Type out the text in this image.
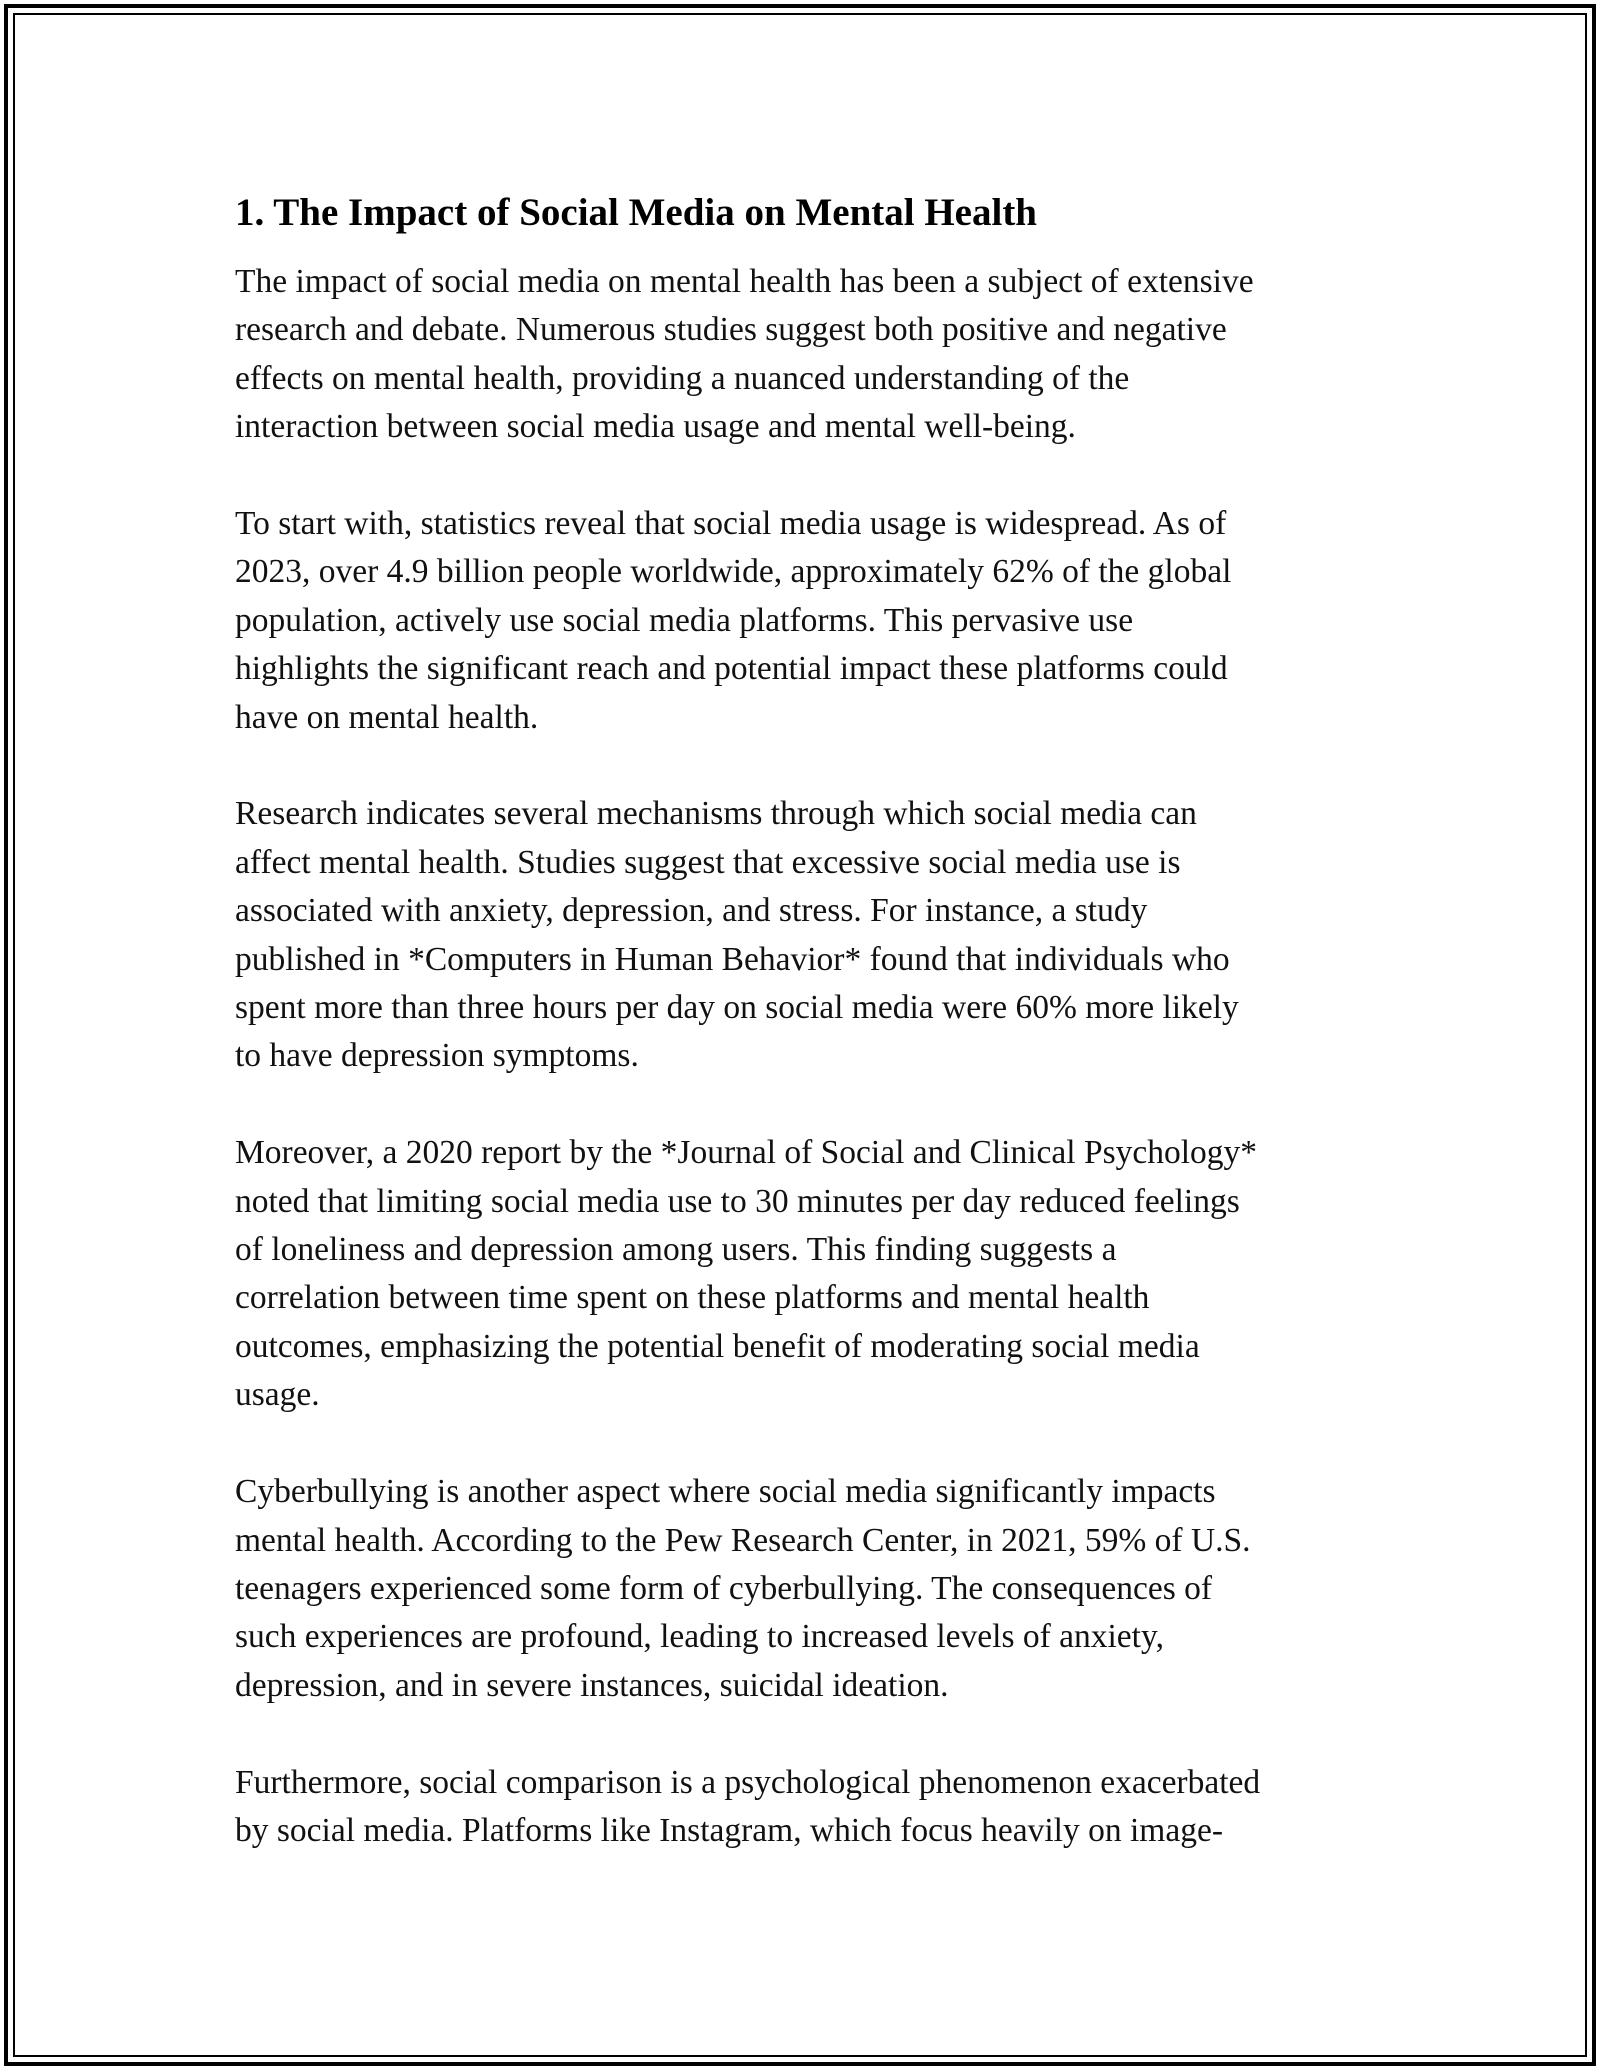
1. The Impact of Social Media on Mental Health

The impact of social media on mental health has been a subject of extensive
research and debate. Numerous studies suggest both positive and negative
effects on mental health, providing a nuanced understanding of the
interaction between social media usage and mental well-being.

To start with, statistics reveal that social media usage is widespread. As of
2023, over 4.9 billion people worldwide, approximately 62% of the global
population, actively use social media platforms. This pervasive use
highlights the significant reach and potential impact these platforms could
have on mental health.

Research indicates several mechanisms through which social media can
affect mental health. Studies suggest that excessive social media use is
associated with anxiety, depression, and stress. For instance, a study
published in *Computers in Human Behavior* found that individuals who
spent more than three hours per day on social media were 60% more likely
to have depression symptoms.

Moreover, a 2020 report by the *Journal of Social and Clinical Psychology*
noted that limiting social media use to 30 minutes per day reduced feelings
of loneliness and depression among users. This finding suggests a
correlation between time spent on these platforms and mental health
outcomes, emphasizing the potential benefit of moderating social media
usage.

Cyberbullying is another aspect where social media significantly impacts
mental health. According to the Pew Research Center, in 2021, 59% of U.S.
teenagers experienced some form of cyberbullying. The consequences of
such experiences are profound, leading to increased levels of anxiety,
depression, and in severe instances, suicidal ideation.

Furthermore, social comparison is a psychological phenomenon exacerbated
by social media. Platforms like Instagram, which focus heavily on image-
